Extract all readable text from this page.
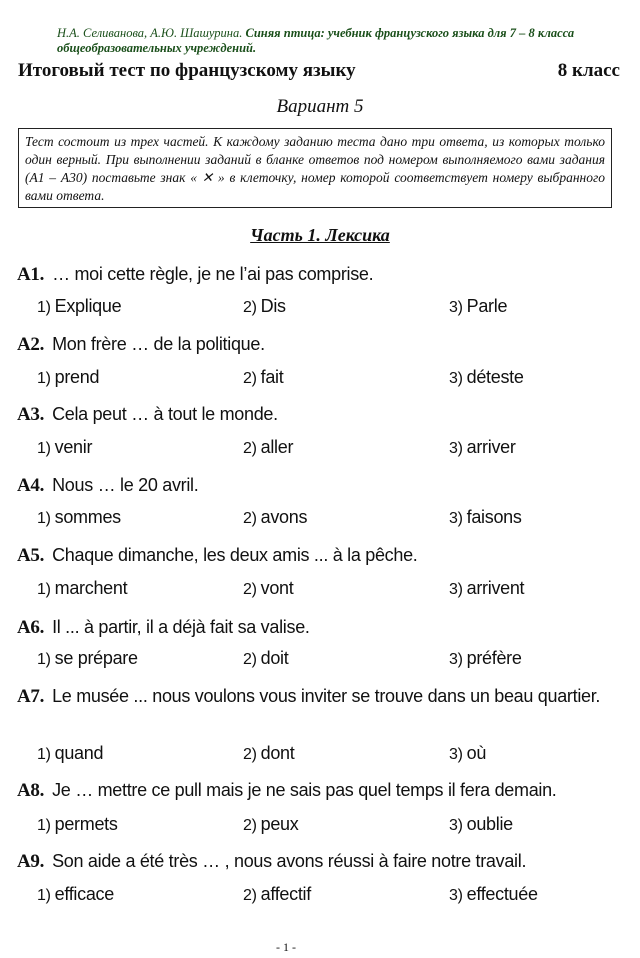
Н.А. Селиванова, А.Ю. Шашурина. Синяя птица: учебник французского языка для 7 – 8 класса общеобразовательных учреждений.
Итоговый тест по французскому языку	8 класс
Вариант 5
Тест состоит из трех частей. К каждому заданию теста дано три ответа, из которых только один верный. При выполнении заданий в бланке ответов под номером выполняемого вами задания (А1 – А30) поставьте знак « ✕ » в клеточку, номер которой соответствует номеру выбранного вами ответа.
Часть 1. Лексика
A1. … moi cette règle, je ne l’ai pas comprise.
1) Explique	2) Dis	3) Parle
A2. Mon frère … de la politique.
1) prend	2) fait	3) déteste
A3. Cela peut … à tout le monde.
1) venir	2) aller	3) arriver
A4. Nous … le 20 avril.
1) sommes	2) avons	3) faisons
A5. Chaque dimanche, les deux amis ... à la pêche.
1) marchent	2) vont	3) arrivent
A6. Il ... à partir, il a déjà fait sa valise.
1) se prépare	2) doit	3) préfère
A7. Le musée ... nous voulons vous inviter se trouve dans un beau quartier.
1) quand	2) dont	3) où
A8. Je … mettre ce pull mais je ne sais pas quel temps il fera demain.
1) permets	2) peux	3) oublie
A9. Son aide a été très … , nous avons réussi à faire notre travail.
1) efficace	2) affectif	3) effectuée
- 1 -
